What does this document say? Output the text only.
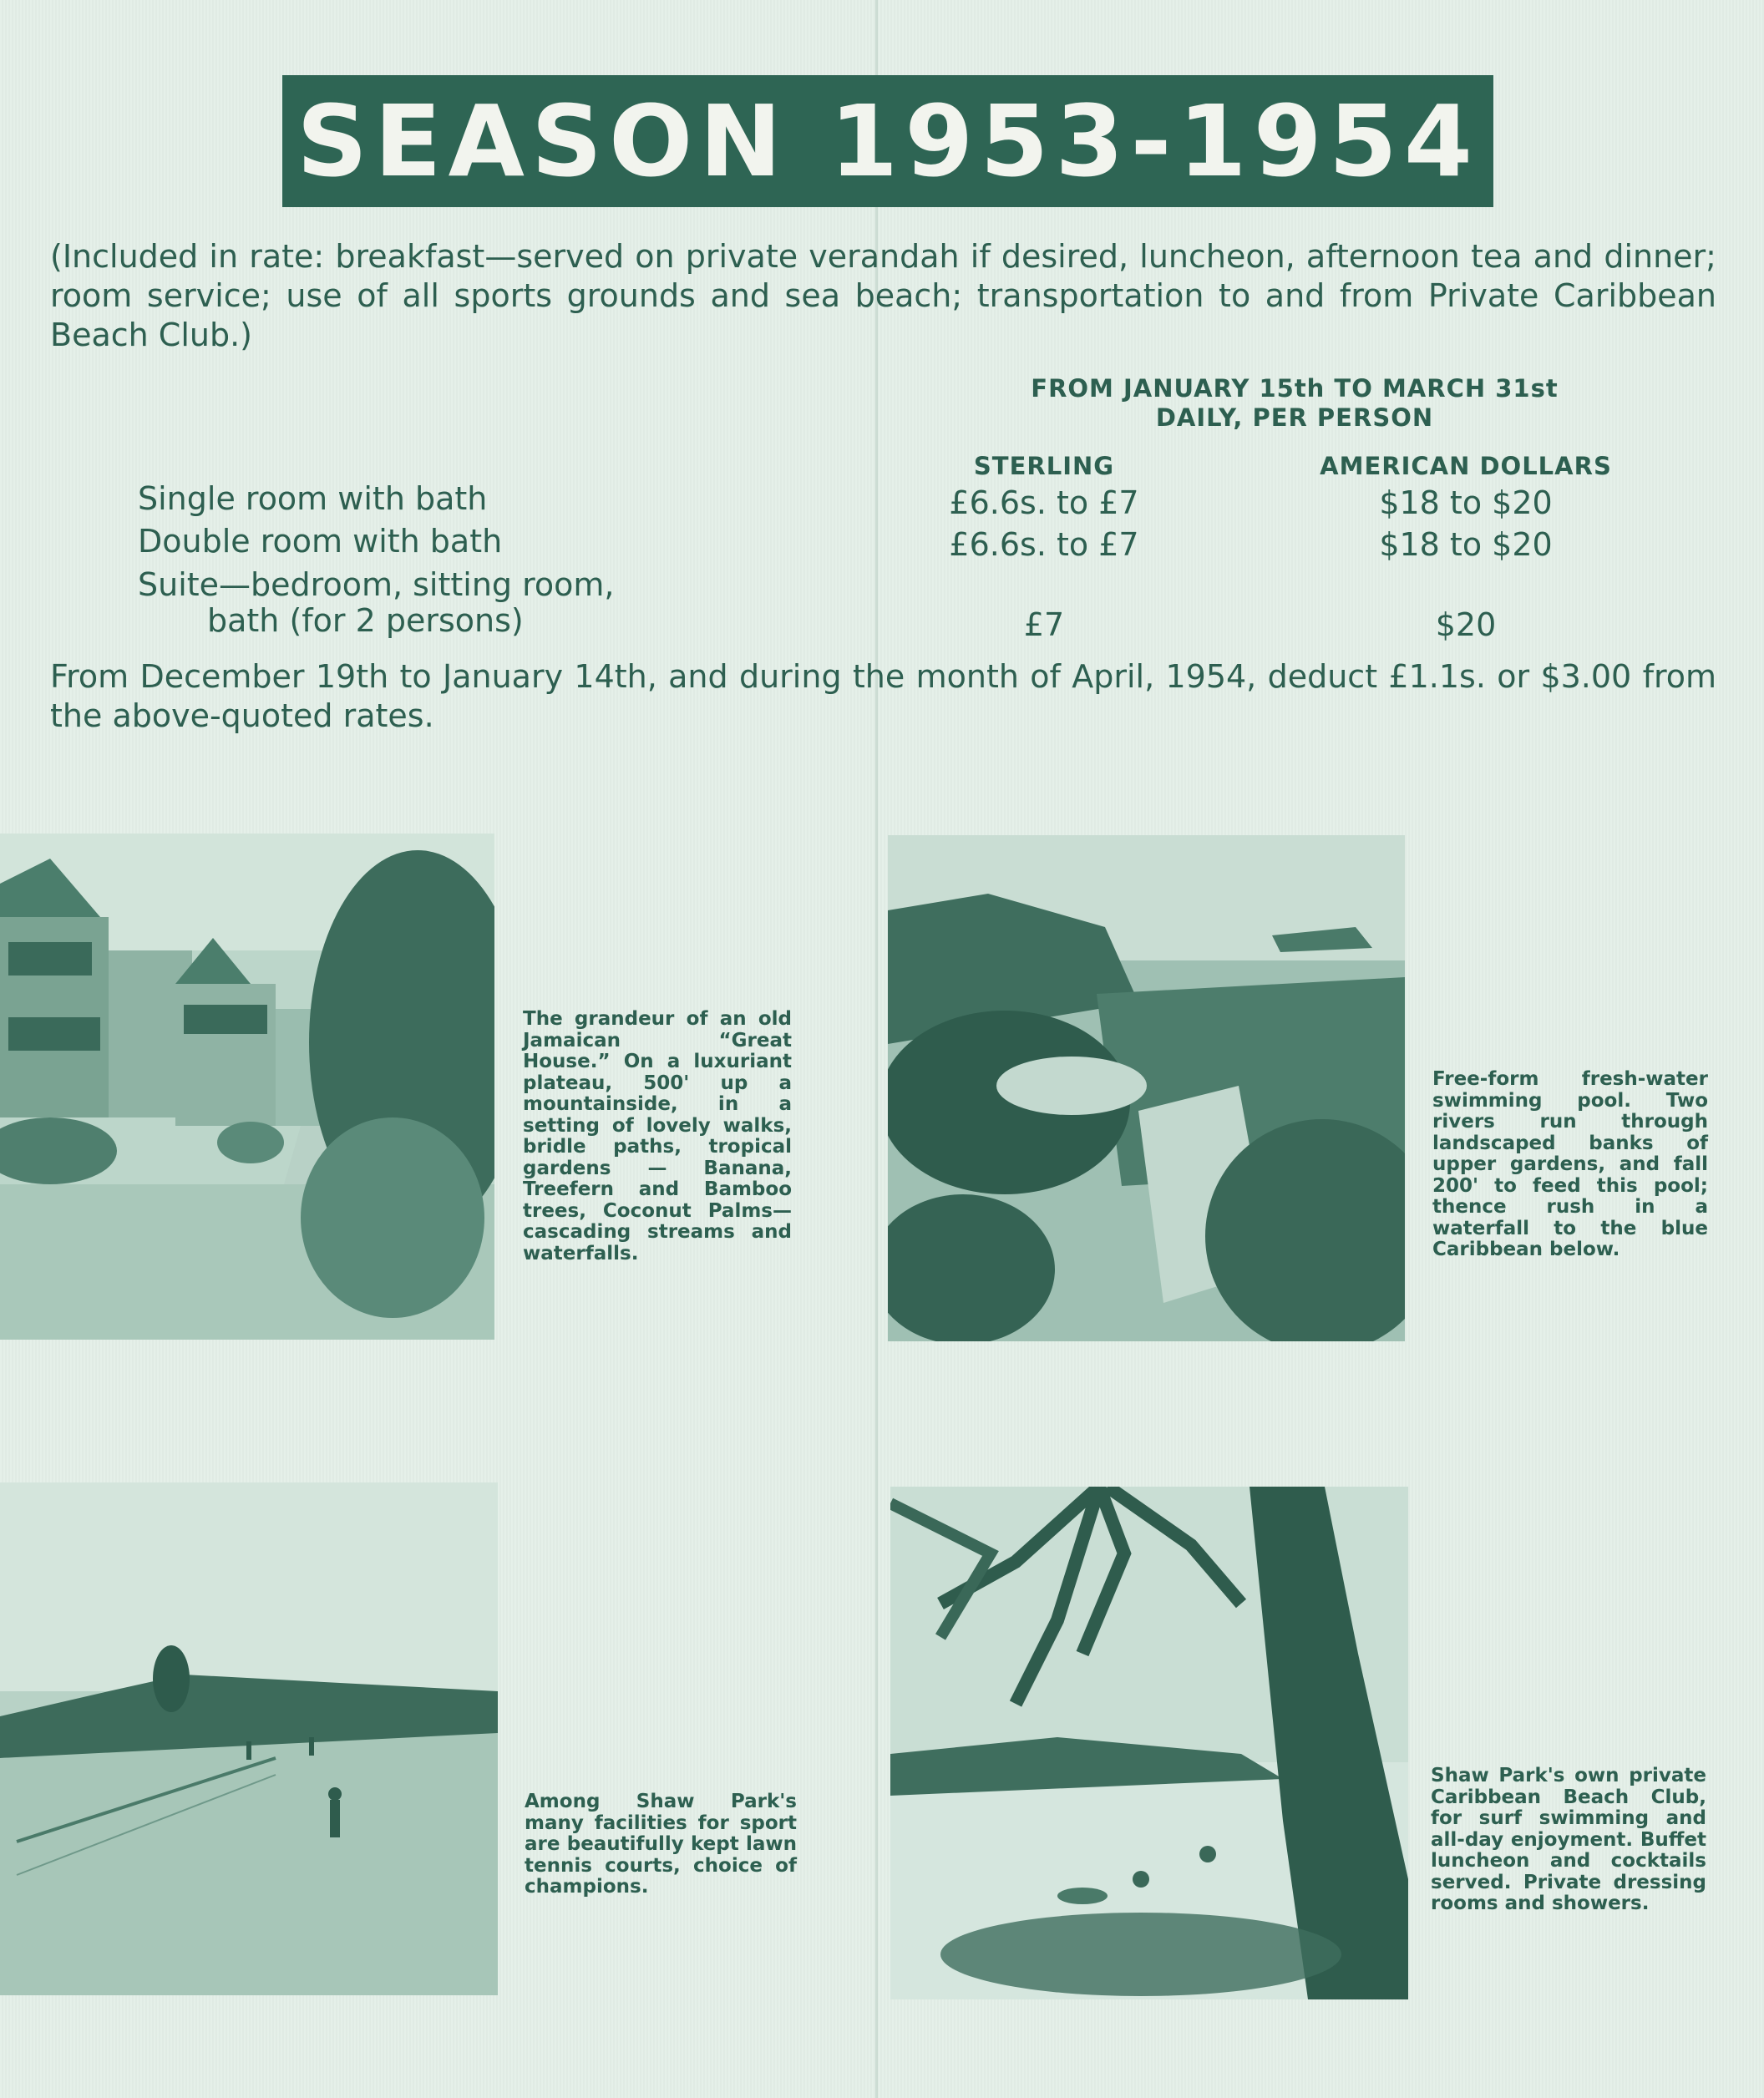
SEASON 1953-1954
(Included in rate: breakfast—served on private verandah if desired, luncheon, afternoon tea and dinner; room service; use of all sports grounds and sea beach; transportation to and from Private Caribbean Beach Club.)
FROM JANUARY 15th TO MARCH 31st
DAILY, PER PERSON
STERLING	AMERICAN DOLLARS
Single room with bath	£6.6s. to £7	$18 to $20
Double room with bath	£6.6s. to £7	$18 to $20
Suite—bedroom, sitting room,
bath (for 2 persons)	£7	$20
From December 19th to January 14th, and during the month of April, 1954, deduct £1.1s. or $3.00 from the above-quoted rates.
The grandeur of an old Jamaican “Great House.” On a luxuriant plateau, 500' up a mountainside, in a setting of lovely walks, bridle paths, tropical gardens — Banana, Treefern and Bamboo trees, Coconut Palms—cascading streams and waterfalls.
Free-form fresh-water swimming pool. Two rivers run through landscaped banks of upper gardens, and fall 200' to feed this pool; thence rush in a waterfall to the blue Caribbean below.
Among Shaw Park's many facilities for sport are beautifully kept lawn tennis courts, choice of champions.
Shaw Park's own private Caribbean Beach Club, for surf swimming and all-day enjoyment. Buffet luncheon and cocktails served. Private dressing rooms and showers.
